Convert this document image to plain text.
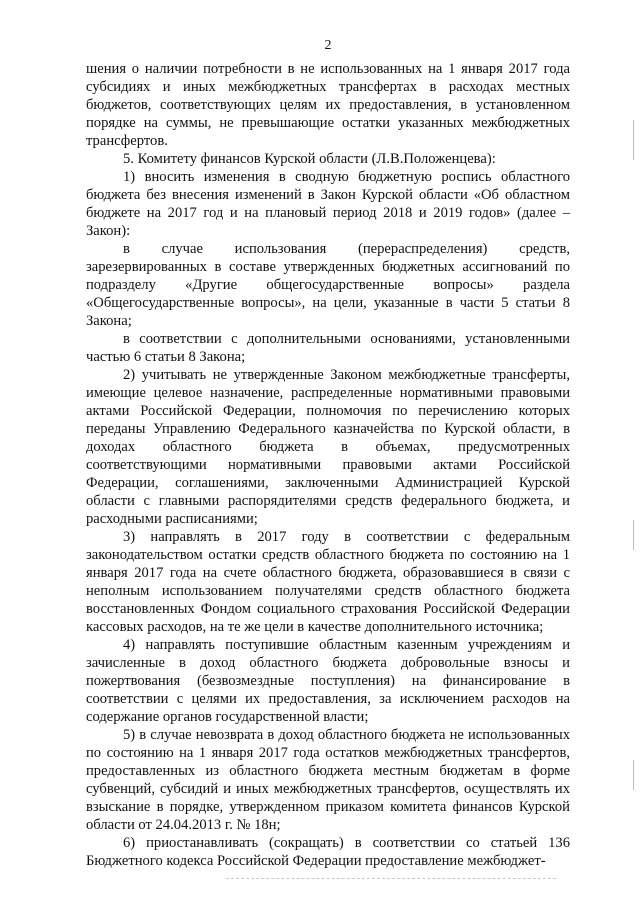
2

шения о наличии потребности в не использованных на 1 января 2017 года субсидиях и иных межбюджетных трансфертах в расходах местных бюджетов, соответствующих целям их предоставления, в установленном порядке на суммы, не превышающие остатки указанных межбюджетных трансфертов.

5. Комитету финансов Курской области (Л.В.Положенцева):

1) вносить изменения в сводную бюджетную роспись областного бюджета без внесения изменений в Закон Курской области «Об областном бюджете на 2017 год и на плановый период 2018 и 2019 годов» (далее – Закон):

в случае использования (перераспределения) средств, зарезервированных в составе утвержденных бюджетных ассигнований по подразделу «Другие общегосударственные вопросы» раздела «Общегосударственные вопросы», на цели, указанные в части 5 статьи 8 Закона;

в соответствии с дополнительными основаниями, установленными частью 6 статьи 8 Закона;

2) учитывать не утвержденные Законом межбюджетные трансферты, имеющие целевое назначение, распределенные нормативными правовыми актами Российской Федерации, полномочия по перечислению которых переданы Управлению Федерального казначейства по Курской области, в доходах областного бюджета в объемах, предусмотренных соответствующими нормативными правовыми актами Российской Федерации, соглашениями, заключенными Администрацией Курской области с главными распорядителями средств федерального бюджета, и расходными расписаниями;

3) направлять в 2017 году в соответствии с федеральным законодательством остатки средств областного бюджета по состоянию на 1 января 2017 года на счете областного бюджета, образовавшиеся в связи с неполным использованием получателями средств областного бюджета восстановленных Фондом социального страхования Российской Федерации кассовых расходов, на те же цели в качестве дополнительного источника;

4) направлять поступившие областным казенным учреждениям и зачисленные в доход областного бюджета добровольные взносы и пожертвования (безвозмездные поступления) на финансирование в соответствии с целями их предоставления, за исключением расходов на содержание органов государственной власти;

5) в случае невозврата в доход областного бюджета не использованных по состоянию на 1 января 2017 года остатков межбюджетных трансфертов, предоставленных из областного бюджета местным бюджетам в форме субвенций, субсидий и иных межбюджетных трансфертов, осуществлять их взыскание в порядке, утвержденном приказом комитета финансов Курской области от 24.04.2013 г. № 18н;

6) приостанавливать (сокращать) в соответствии со статьей 136 Бюджетного кодекса Российской Федерации предоставление межбюджет-
